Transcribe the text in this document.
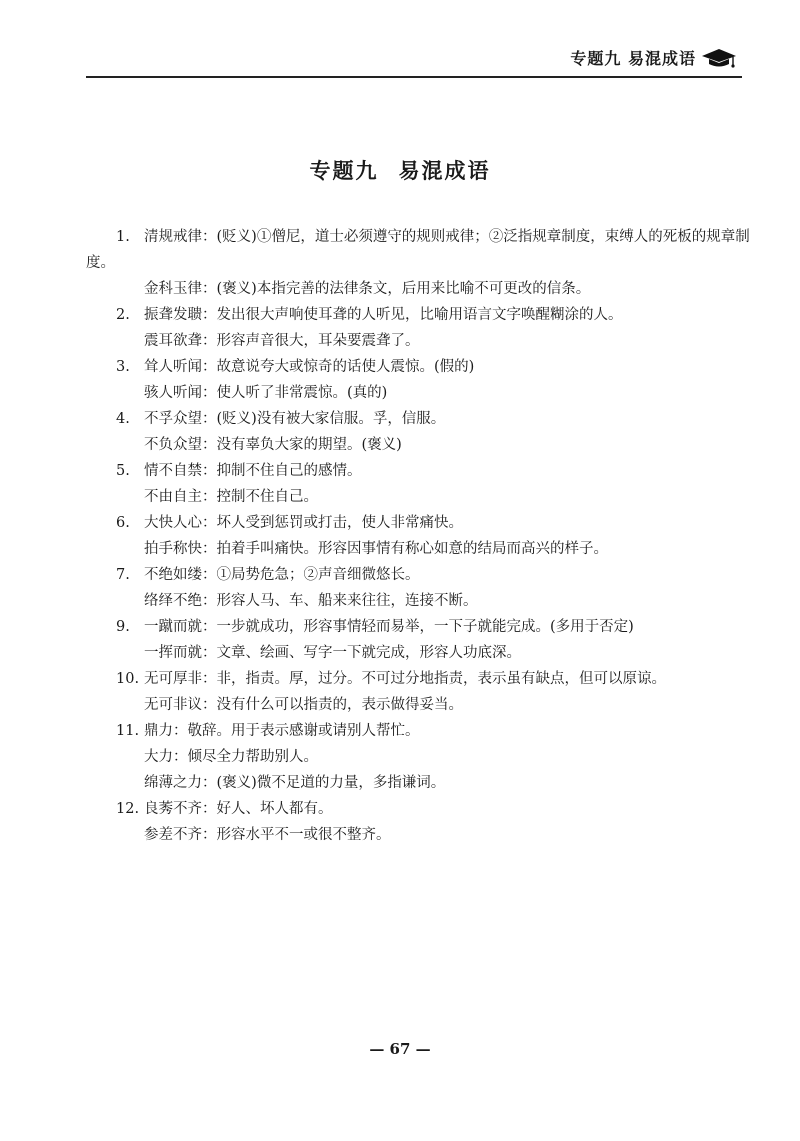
专题九 易混成语
专题九 易混成语
1. 清规戒律：(贬义)①僧尼，道士必须遵守的规则戒律；②泛指规章制度，束缚人的死板的规章制度。
金科玉律：(褒义)本指完善的法律条文，后用来比喻不可更改的信条。
2. 振聋发聩：发出很大声响使耳聋的人听见，比喻用语言文字唤醒糊涂的人。
震耳欲聋：形容声音很大，耳朵要震聋了。
3. 耸人听闻：故意说夸大或惊奇的话使人震惊。(假的)
骇人听闻：使人听了非常震惊。(真的)
4. 不孚众望：(贬义)没有被大家信服。孚，信服。
不负众望：没有辜负大家的期望。(褒义)
5. 情不自禁：抑制不住自己的感情。
不由自主：控制不住自己。
6. 大快人心：坏人受到惩罚或打击，使人非常痛快。
拍手称快：拍着手叫痛快。形容因事情有称心如意的结局而高兴的样子。
7. 不绝如缕：①局势危急；②声音细微悠长。
络绎不绝：形容人马、车、船来来往往，连接不断。
9. 一蹴而就：一步就成功，形容事情轻而易举，一下子就能完成。(多用于否定)
一挥而就：文章、绘画、写字一下就完成，形容人功底深。
10. 无可厚非：非，指责。厚，过分。不可过分地指责，表示虽有缺点，但可以原谅。
无可非议：没有什么可以指责的，表示做得妥当。
11. 鼎力：敬辞。用于表示感谢或请别人帮忙。
大力：倾尽全力帮助别人。
绵薄之力：(褒义)微不足道的力量，多指谦词。
12. 良莠不齐：好人、坏人都有。
参差不齐：形容水平不一或很不整齐。
— 67 —
